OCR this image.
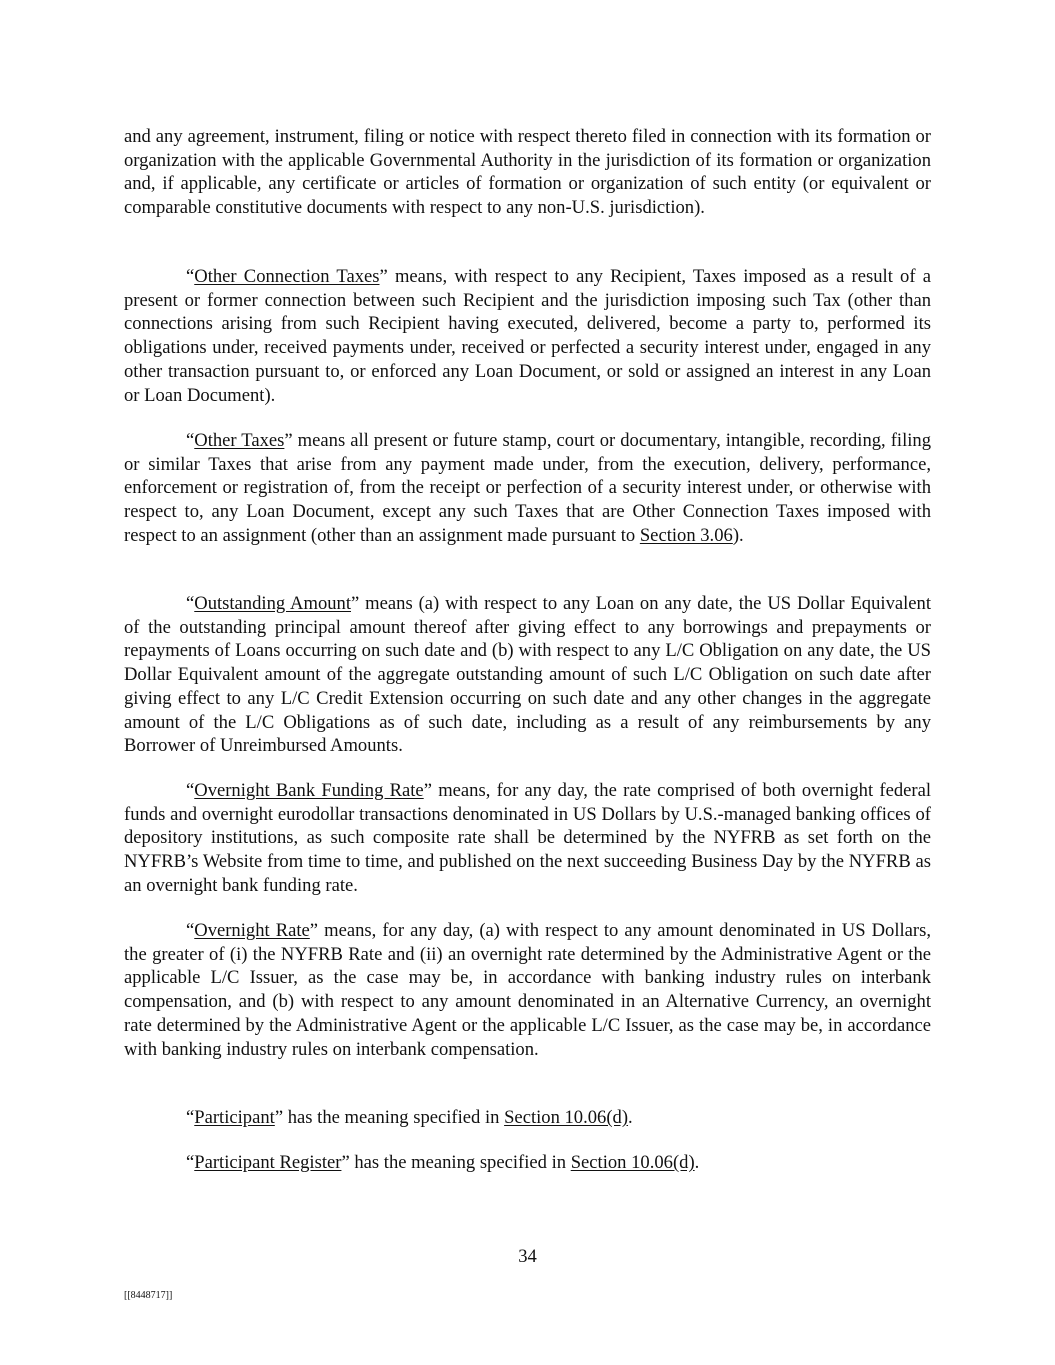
and any agreement, instrument, filing or notice with respect thereto filed in connection with its formation or organization with the applicable Governmental Authority in the jurisdiction of its formation or organization and, if applicable, any certificate or articles of formation or organization of such entity (or equivalent or comparable constitutive documents with respect to any non-U.S. jurisdiction).

“Other Connection Taxes” means, with respect to any Recipient, Taxes imposed as a result of a present or former connection between such Recipient and the jurisdiction imposing such Tax (other than connections arising from such Recipient having executed, delivered, become a party to, performed its obligations under, received payments under, received or perfected a security interest under, engaged in any other transaction pursuant to, or enforced any Loan Document, or sold or assigned an interest in any Loan or Loan Document).

“Other Taxes” means all present or future stamp, court or documentary, intangible, recording, filing or similar Taxes that arise from any payment made under, from the execution, delivery, performance, enforcement or registration of, from the receipt or perfection of a security interest under, or otherwise with respect to, any Loan Document, except any such Taxes that are Other Connection Taxes imposed with respect to an assignment (other than an assignment made pursuant to Section 3.06).

“Outstanding Amount” means (a) with respect to any Loan on any date, the US Dollar Equivalent of the outstanding principal amount thereof after giving effect to any borrowings and prepayments or repayments of Loans occurring on such date and (b) with respect to any L/C Obligation on any date, the US Dollar Equivalent amount of the aggregate outstanding amount of such L/C Obligation on such date after giving effect to any L/C Credit Extension occurring on such date and any other changes in the aggregate amount of the L/C Obligations as of such date, including as a result of any reimbursements by any Borrower of Unreimbursed Amounts.

“Overnight Bank Funding Rate” means, for any day, the rate comprised of both overnight federal funds and overnight eurodollar transactions denominated in US Dollars by U.S.-managed banking offices of depository institutions, as such composite rate shall be determined by the NYFRB as set forth on the NYFRB’s Website from time to time, and published on the next succeeding Business Day by the NYFRB as an overnight bank funding rate.

“Overnight Rate” means, for any day, (a) with respect to any amount denominated in US Dollars, the greater of (i) the NYFRB Rate and (ii) an overnight rate determined by the Administrative Agent or the applicable L/C Issuer, as the case may be, in accordance with banking industry rules on interbank compensation, and (b) with respect to any amount denominated in an Alternative Currency, an overnight rate determined by the Administrative Agent or the applicable L/C Issuer, as the case may be, in accordance with banking industry rules on interbank compensation.

“Participant” has the meaning specified in Section 10.06(d).

“Participant Register” has the meaning specified in Section 10.06(d).

34
[[8448717]]
